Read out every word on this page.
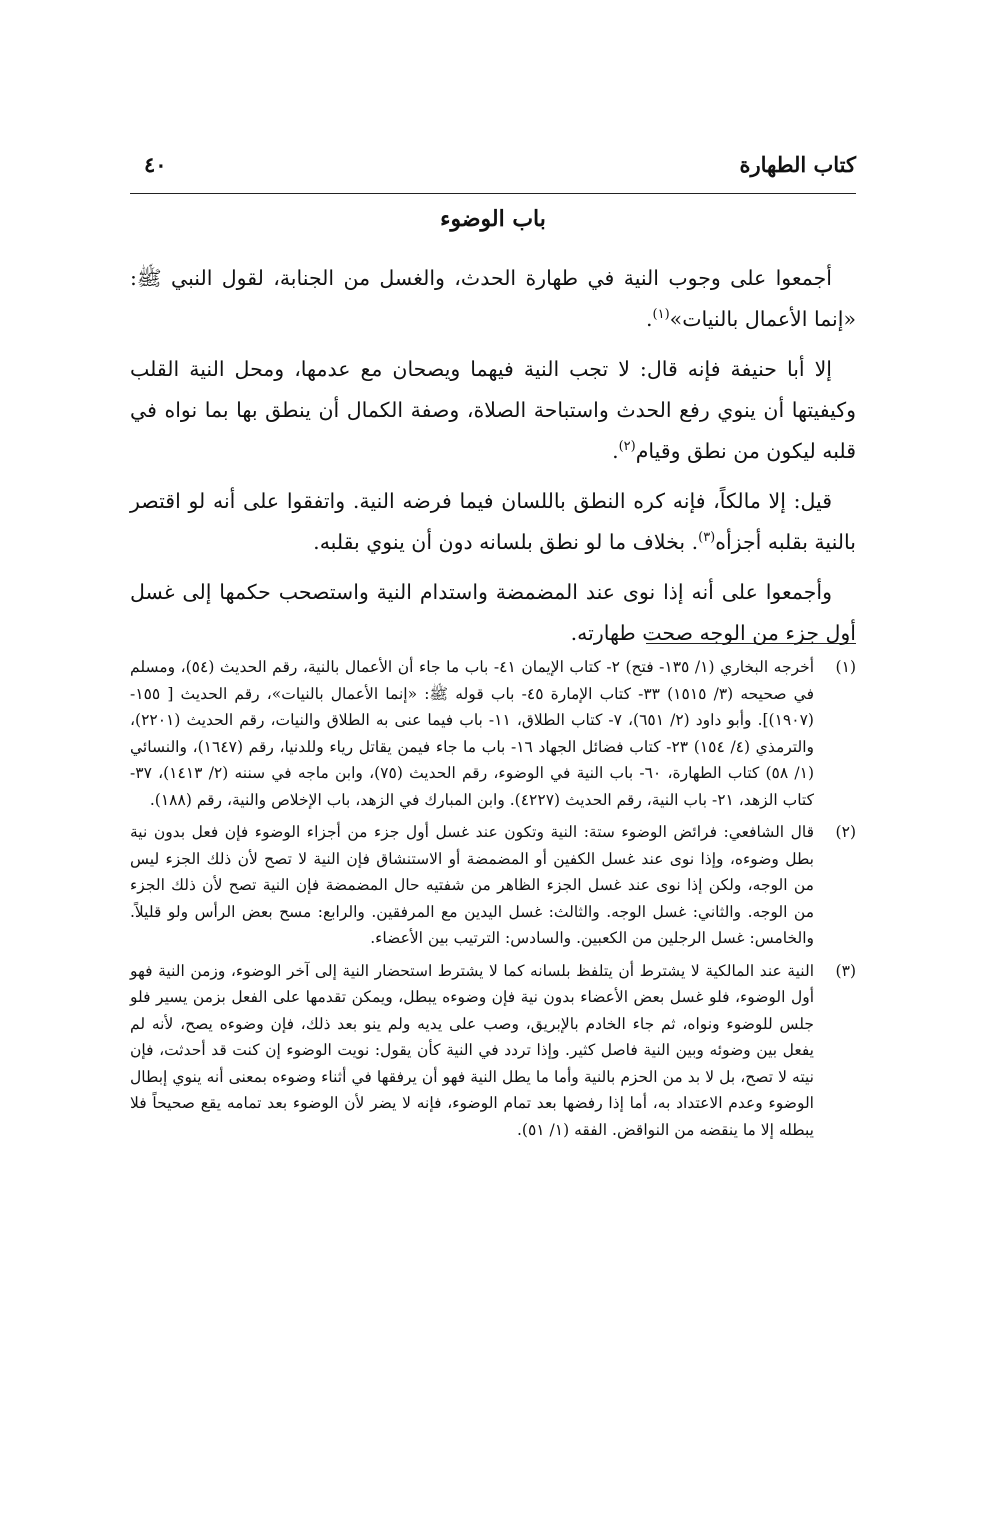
كتاب الطهارة
٤٠
باب الوضوء

أجمعوا على وجوب النية في طهارة الحدث، والغسل من الجنابة، لقول النبي ﷺ: «إنما الأعمال بالنيات»$^{(١)}$.

إلا أبا حنيفة فإنه قال: لا تجب النية فيهما ويصحان مع عدمها، ومحل النية القلب وكيفيتها أن ينوي رفع الحدث واستباحة الصلاة، وصفة الكمال أن ينطق بها بما نواه في قلبه ليكون من نطق وقيام$^{(٢)}$.

قيل: إلا مالكاً، فإنه كره النطق باللسان فيما فرضه النية. واتفقوا على أنه لو اقتصر بالنية بقلبه أجزأه$^{(٣)}$. بخلاف ما لو نطق بلسانه دون أن ينوي بقلبه.

وأجمعوا على أنه إذا نوى عند المضمضة واستدام النية واستصحب حكمها إلى غسل أول جزء من الوجه صحت طهارته.

(١)
أخرجه البخاري (١/ ١٣٥- فتح) ٢- كتاب الإيمان ٤١- باب ما جاء أن الأعمال بالنية، رقم الحديث (٥٤)، ومسلم في صحيحه (٣/ ١٥١٥) ٣٣- كتاب الإمارة ٤٥- باب قوله ﷺ: «إنما الأعمال بالنيات»، رقم الحديث [ ١٥٥- (١٩٠٧)]. وأبو داود (٢/ ٦٥١)، ٧- كتاب الطلاق، ١١- باب فيما عنى به الطلاق والنيات، رقم الحديث (٢٢٠١)، والترمذي (٤/ ١٥٤) ٢٣- كتاب فضائل الجهاد ١٦- باب ما جاء فيمن يقاتل رياء وللدنيا، رقم (١٦٤٧)، والنسائي (١/ ٥٨) كتاب الطهارة، ٦٠- باب النية في الوضوء، رقم الحديث (٧٥)، وابن ماجه في سننه (٢/ ١٤١٣)، ٣٧- كتاب الزهد، ٢١- باب النية، رقم الحديث (٤٢٢٧). وابن المبارك في الزهد، باب الإخلاص والنية، رقم (١٨٨).
(٢)
قال الشافعي: فرائض الوضوء ستة: النية وتكون عند غسل أول جزء من أجزاء الوضوء فإن فعل بدون نية بطل وضوءه، وإذا نوى عند غسل الكفين أو المضمضة أو الاستنشاق فإن النية لا تصح لأن ذلك الجزء ليس من الوجه، ولكن إذا نوى عند غسل الجزء الظاهر من شفتيه حال المضمضة فإن النية تصح لأن ذلك الجزء من الوجه. والثاني: غسل الوجه. والثالث: غسل اليدين مع المرفقين. والرابع: مسح بعض الرأس ولو قليلاً. والخامس: غسل الرجلين من الكعبين. والسادس: الترتيب بين الأعضاء.
(٣)
النية عند المالكية لا يشترط أن يتلفظ بلسانه كما لا يشترط استحضار النية إلى آخر الوضوء، وزمن النية فهو أول الوضوء، فلو غسل بعض الأعضاء بدون نية فإن وضوءه يبطل، ويمكن تقدمها على الفعل بزمن يسير فلو جلس للوضوء ونواه، ثم جاء الخادم بالإبريق، وصب على يديه ولم ينو بعد ذلك، فإن وضوءه يصح، لأنه لم يفعل بين وضوئه وبين النية فاصل كثير. وإذا تردد في النية كأن يقول: نويت الوضوء إن كنت قد أحدثت، فإن نيته لا تصح، بل لا بد من الحزم بالنية وأما ما يطل النية فهو أن يرفقها في أثناء وضوءه بمعنى أنه ينوي إبطال الوضوء وعدم الاعتداد به، أما إذا رفضها بعد تمام الوضوء، فإنه لا يضر لأن الوضوء بعد تمامه يقع صحيحاً فلا يبطله إلا ما ينقضه من النواقض. الفقه (١/ ٥١).
